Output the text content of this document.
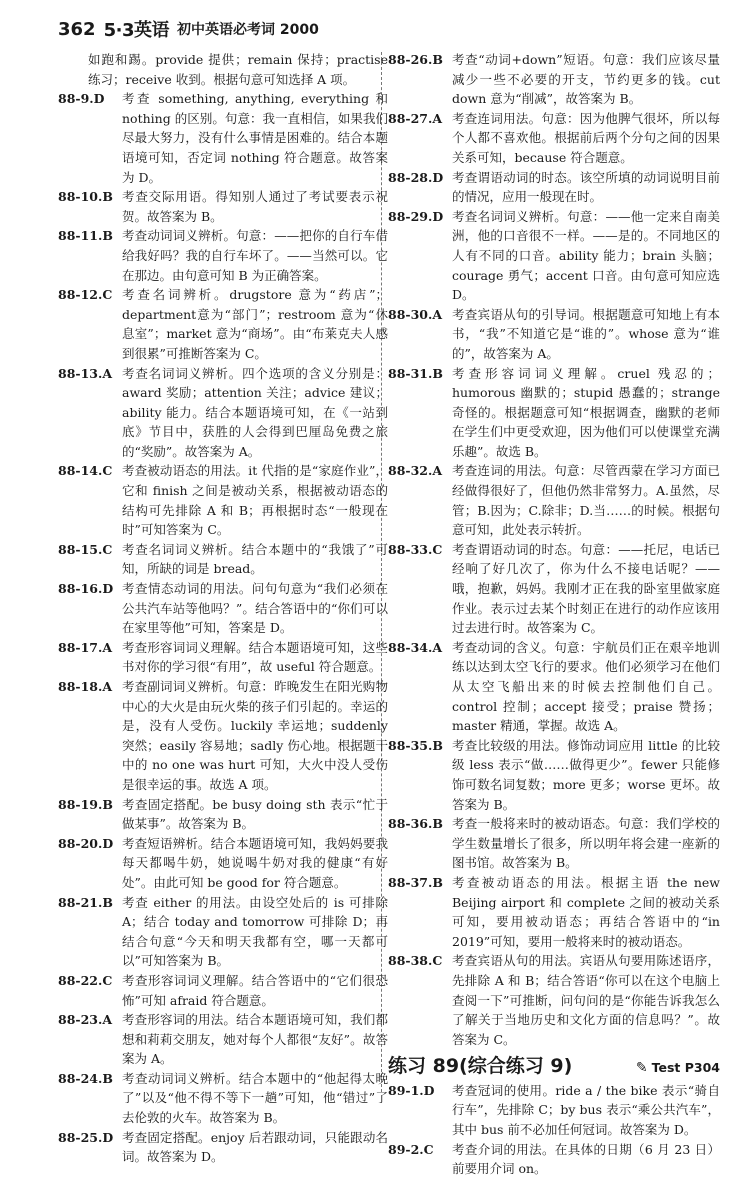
362 5·3英语 初中英语必考词 2000
如跑和踢。provide 提供；remain 保持；practise 练习；receive 收到。根据句意可知选择 A 项。
88-9.D	考查 something, anything, everything 和 nothing 的区别。句意：我一直相信，如果我们尽最大努力，没有什么事情是困难的。结合本题语境可知，否定词 nothing 符合题意。故答案为 D。
88-10.B 考查交际用语。得知别人通过了考试要表示祝贺。故答案为 B。
88-11.B 考查动词词义辨析。句意：——把你的自行车借给我好吗？我的自行车坏了。——当然可以。它在那边。由句意可知 B 为正确答案。
88-12.C 考查名词辨析。drugstore 意为“药店”；department意为“部门”；restroom 意为“休息室”；market 意为“商场”。由“布莱克夫人感到很累”可推断答案为 C。
88-13.A 考查名词词义辨析。四个选项的含义分别是：award 奖励；attention 关注；advice 建议；ability 能力。结合本题语境可知，在《一站到底》节目中，获胜的人会得到巴厘岛免费之旅的“奖励”。故答案为 A。
88-14.C 考查被动语态的用法。it 代指的是“家庭作业”，它和 finish 之间是被动关系，根据被动语态的结构可先排除 A 和 B；再根据时态“一般现在时”可知答案为 C。
88-15.C 考查名词词义辨析。结合本题中的“我饿了”可知，所缺的词是 bread。
88-16.D 考查情态动词的用法。问句句意为“我们必须在公共汽车站等他吗？”。结合答语中的“你们可以在家里等他”可知，答案是 D。
88-17.A 考查形容词词义理解。结合本题语境可知，这些书对你的学习很“有用”，故 useful 符合题意。
88-18.A 考查副词词义辨析。句意：昨晚发生在阳光购物中心的大火是由玩火柴的孩子们引起的。幸运的是，没有人受伤。luckily 幸运地；suddenly 突然；easily 容易地；sadly 伤心地。根据题干中的 no one was hurt 可知，大火中没人受伤是很幸运的事。故选 A 项。
88-19.B 考查固定搭配。be busy doing sth 表示“忙于做某事”。故答案为 B。
88-20.D 考查短语辨析。结合本题语境可知，我妈妈要我每天都喝牛奶，她说喝牛奶对我的健康“有好处”。由此可知 be good for 符合题意。
88-21.B 考查 either 的用法。由设空处后的 is 可排除 A；结合 today and tomorrow 可排除 D；再结合句意“今天和明天我都有空，哪一天都可以”可知答案为 B。
88-22.C 考查形容词词义理解。结合答语中的“它们很恐怖”可知 afraid 符合题意。
88-23.A 考查形容词的用法。结合本题语境可知，我们都想和莉莉交朋友，她对每个人都很“友好”。故答案为 A。
88-24.B 考查动词词义辨析。结合本题中的“他起得太晚了”以及“他不得不等下一趟”可知，他“错过”了去伦敦的火车。故答案为 B。
88-25.D 考查固定搭配。enjoy 后若跟动词，只能跟动名词。故答案为 D。
88-26.B 考查“动词+down”短语。句意：我们应该尽量减少一些不必要的开支，节约更多的钱。cut down 意为“削减”，故答案为 B。
88-27.A 考查连词用法。句意：因为他脾气很坏，所以每个人都不喜欢他。根据前后两个分句之间的因果关系可知，because 符合题意。
88-28.D 考查谓语动词的时态。该空所填的动词说明目前的情况，应用一般现在时。
88-29.D 考查名词词义辨析。句意：——他一定来自南美洲，他的口音很不一样。——是的。不同地区的人有不同的口音。ability 能力；brain 头脑；courage 勇气；accent 口音。由句意可知应选 D。
88-30.A 考查宾语从句的引导词。根据题意可知地上有本书，“我”不知道它是“谁的”。whose 意为“谁的”，故答案为 A。
88-31.B 考查形容词词义理解。cruel 残忍的；humorous 幽默的；stupid 愚蠢的；strange 奇怪的。根据题意可知“根据调查，幽默的老师在学生们中更受欢迎，因为他们可以使课堂充满乐趣”。故选 B。
88-32.A 考查连词的用法。句意：尽管西蒙在学习方面已经做得很好了，但他仍然非常努力。A.虽然，尽管；B.因为；C.除非；D.当……的时候。根据句意可知，此处表示转折。
88-33.C 考查谓语动词的时态。句意：——托尼，电话已经响了好几次了，你为什么不接电话呢？——哦，抱歉，妈妈。我刚才正在我的卧室里做家庭作业。表示过去某个时刻正在进行的动作应该用过去进行时。故答案为 C。
88-34.A 考查动词的含义。句意：宇航员们正在艰辛地训练以达到太空飞行的要求。他们必须学习在他们从太空飞船出来的时候去控制他们自己。control 控制；accept 接受；praise 赞扬；master 精通，掌握。故选 A。
88-35.B 考查比较级的用法。修饰动词应用 little 的比较级 less 表示“做……做得更少”。fewer 只能修饰可数名词复数；more 更多；worse 更坏。故答案为 B。
88-36.B 考查一般将来时的被动语态。句意：我们学校的学生数量增长了很多，所以明年将会建一座新的图书馆。故答案为 B。
88-37.B 考查被动语态的用法。根据主语 the new Beijing airport 和 complete 之间的被动关系可知，要用被动语态；再结合答语中的“in 2019”可知，要用一般将来时的被动语态。
88-38.C 考查宾语从句的用法。宾语从句要用陈述语序，先排除 A 和 B；结合答语“你可以在这个电脑上查阅一下”可推断，问句问的是“你能告诉我怎么了解关于当地历史和文化方面的信息吗？”。故答案为 C。
练习 89(综合练习 9)	✎ Test P304
89-1.D	考查冠词的使用。ride a / the bike 表示“骑自行车”，先排除 C；by bus 表示“乘公共汽车”，其中 bus 前不必加任何冠词。故答案为 D。
89-2.C	考查介词的用法。在具体的日期（6 月 23 日）前要用介词 on。
